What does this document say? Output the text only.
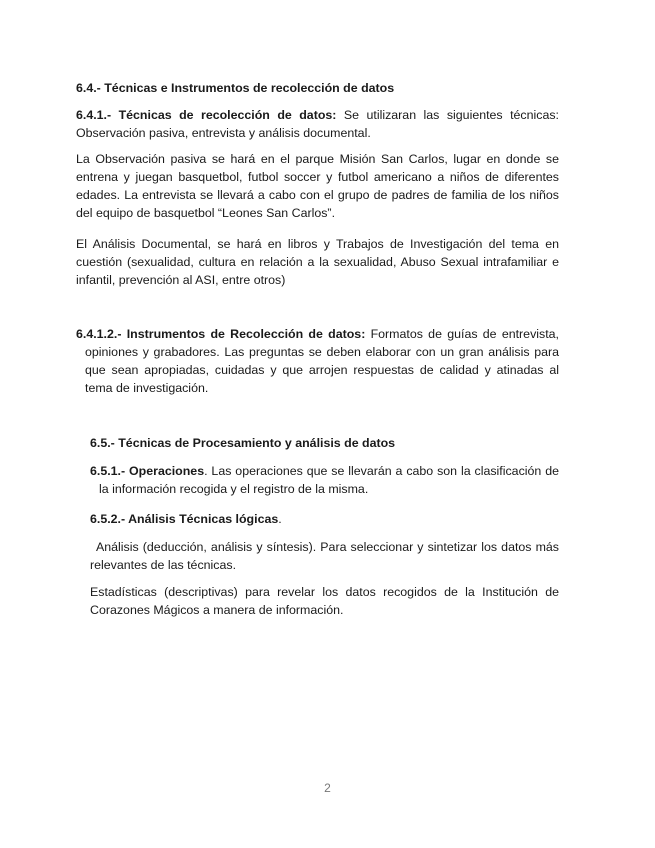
6.4.- Técnicas e Instrumentos de recolección de datos
6.4.1.- Técnicas de recolección de datos: Se utilizaran las siguientes técnicas: Observación pasiva, entrevista y análisis documental.
La Observación pasiva se hará en el parque Misión San Carlos, lugar en donde se entrena y juegan basquetbol, futbol soccer y futbol americano a niños de diferentes edades. La entrevista se llevará a cabo con el grupo de padres de familia de los niños del equipo de basquetbol “Leones San Carlos”.
El Análisis Documental, se hará en libros y Trabajos de Investigación del tema en cuestión (sexualidad, cultura en relación a la sexualidad, Abuso Sexual intrafamiliar e infantil, prevención al ASI, entre otros)
6.4.1.2.- Instrumentos de Recolección de datos: Formatos de guías de entrevista, opiniones y grabadores. Las preguntas se deben elaborar con un gran análisis para que sean apropiadas, cuidadas y que arrojen respuestas de calidad y atinadas al tema de investigación.
6.5.- Técnicas de Procesamiento y análisis de datos
6.5.1.- Operaciones. Las operaciones que se llevarán a cabo son la clasificación de la información recogida y el registro de la misma.
6.5.2.- Análisis Técnicas lógicas.
Análisis (deducción, análisis y síntesis). Para seleccionar y sintetizar los datos más relevantes de las técnicas.
Estadísticas (descriptivas) para revelar los datos recogidos de la Institución de Corazones Mágicos a manera de información.
2
